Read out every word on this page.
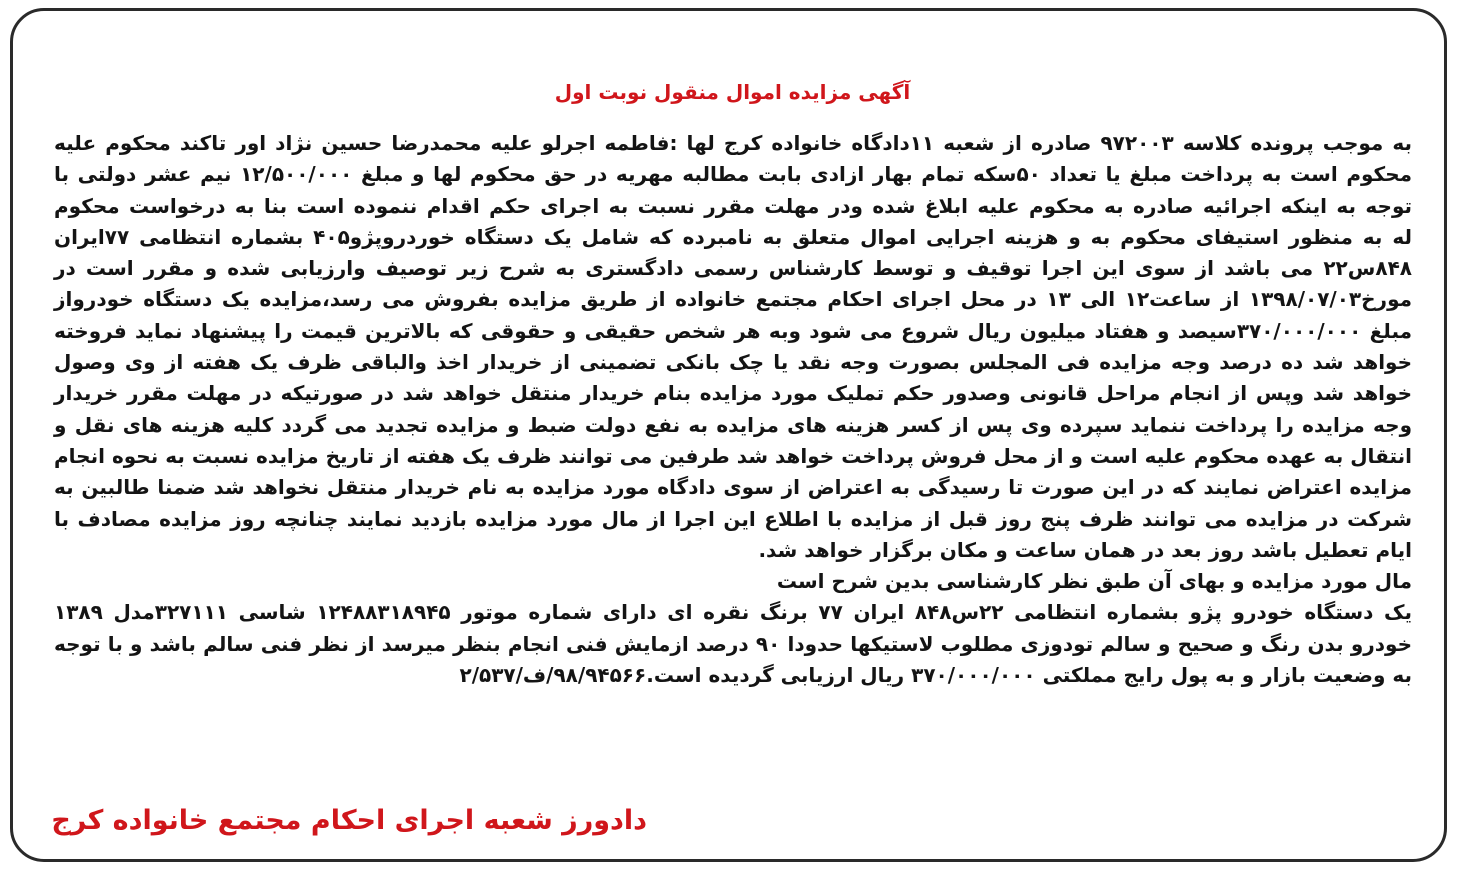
آگهی مزایده اموال منقول نوبت اول
به موجب پرونده کلاسه ۹۷۲۰۰۳ صادره از شعبه ۱۱دادگاه خانواده کرج لها :فاطمه اجرلو علیه محمدرضا حسین نژاد اور تاکند محکوم علیه
محکوم است به پرداخت مبلغ یا تعداد ۵۰سکه تمام بهار ازادی بابت مطالبه مهریه در حق محکوم لها و مبلغ ۱۲/۵۰۰/۰۰۰ نیم عشر دولتی با
توجه به اینکه اجرائیه صادره به محکوم علیه ابلاغ شده ودر مهلت مقرر نسبت به اجرای حکم اقدام ننموده است بنا به درخواست محکوم
له به منظور استیفای محکوم به و هزینه اجرایی اموال متعلق به نامبرده که شامل یک دستگاه خوردروپژو۴۰۵ بشماره انتظامی ۷۷ایران
۸۴۸س۲۲ می باشد از سوی این اجرا توقیف و توسط کارشناس رسمی دادگستری به شرح زیر توصیف وارزیابی شده و مقرر است در
مورخ۱۳۹۸/۰۷/۰۳ از ساعت۱۲ الی ۱۳ در محل اجرای احکام مجتمع خانواده از طریق مزایده بفروش می رسد،مزایده یک دستگاه خودرواز
مبلغ ۳۷۰/۰۰۰/۰۰۰سیصد و هفتاد میلیون ریال شروع می شود وبه هر شخص حقیقی و حقوقی که بالاترین قیمت را پیشنهاد نماید فروخته
خواهد شد ده درصد وجه مزایده فی المجلس بصورت وجه نقد یا چک بانکی تضمینی از خریدار اخذ والباقی ظرف یک هفته از وی وصول
خواهد شد وپس از انجام مراحل قانونی وصدور حکم تملیک مورد مزایده بنام خریدار منتقل خواهد شد در صورتیکه در مهلت مقرر خریدار
وجه مزایده را پرداخت ننماید سپرده وی پس از کسر هزینه های مزایده به نفع دولت ضبط و مزایده تجدید می گردد کلیه هزینه های نقل و
انتقال به عهده محکوم علیه است و از محل فروش پرداخت خواهد شد طرفین می توانند ظرف یک هفته از تاریخ مزایده نسبت به نحوه انجام
مزایده اعتراض نمایند که در این صورت تا رسیدگی به اعتراض از سوی دادگاه مورد مزایده به نام خریدار منتقل نخواهد شد ضمنا طالبین به
شرکت در مزایده می توانند ظرف پنج روز قبل از مزایده با اطلاع این اجرا از مال مورد مزایده بازدید نمایند چنانچه روز مزایده مصادف با
ایام تعطیل باشد روز بعد در همان ساعت و مکان برگزار خواهد شد.
مال مورد مزایده و بهای آن طبق نظر کارشناسی بدین شرح است
یک دستگاه خودرو پژو بشماره انتظامی ۲۲س۸۴۸ ایران ۷۷ برنگ نقره ای دارای شماره موتور ۱۲۴۸۸۳۱۸۹۴۵ شاسی ۳۲۷۱۱۱مدل ۱۳۸۹
خودرو بدن رنگ و صحیح و سالم تودوزی مطلوب لاستیکها حدودا ۹۰ درصد ازمایش فنی انجام بنظر میرسد از نظر فنی سالم باشد و با توجه
به وضعیت بازار و به پول رایج مملکتی ۳۷۰/۰۰۰/۰۰۰ ریال ارزیابی گردیده است.۹۸/۹۴۵۶۶/ف/۲/۵۳۷
دادورز شعبه اجرای احکام مجتمع خانواده کرج
